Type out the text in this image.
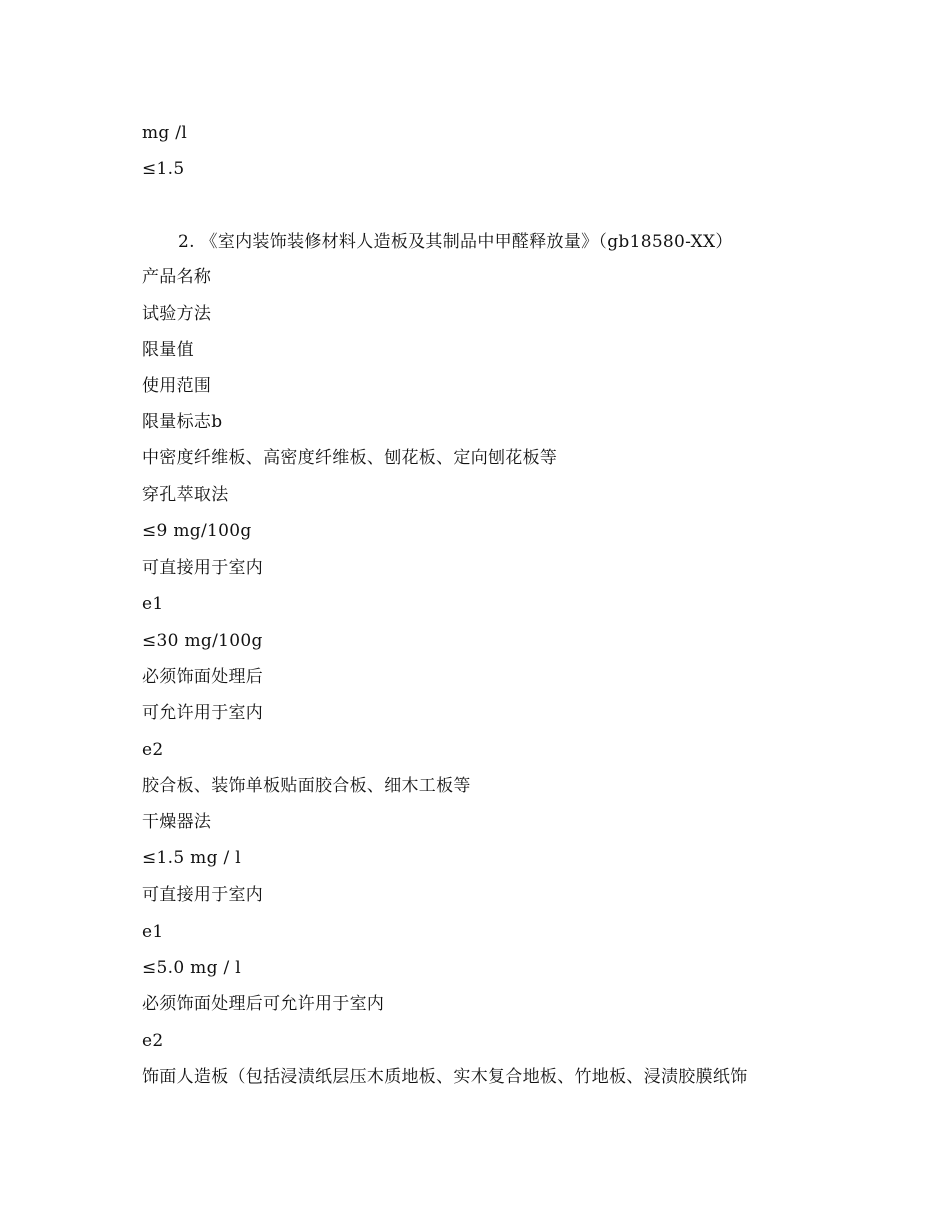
mg /l
≤1.5
2. 《室内装饰装修材料人造板及其制品中甲醛释放量》（gb18580-XX）
产品名称
试验方法
限量值
使用范围
限量标志b
中密度纤维板、高密度纤维板、刨花板、定向刨花板等
穿孔萃取法
≤9 mg/100g
可直接用于室内
e1
≤30 mg/100g
必须饰面处理后
可允许用于室内
e2
胶合板、装饰单板贴面胶合板、细木工板等
干燥器法
≤1.5 mg / l
可直接用于室内
e1
≤5.0 mg / l
必须饰面处理后可允许用于室内
e2
饰面人造板（包括浸渍纸层压木质地板、实木复合地板、竹地板、浸渍胶膜纸饰
